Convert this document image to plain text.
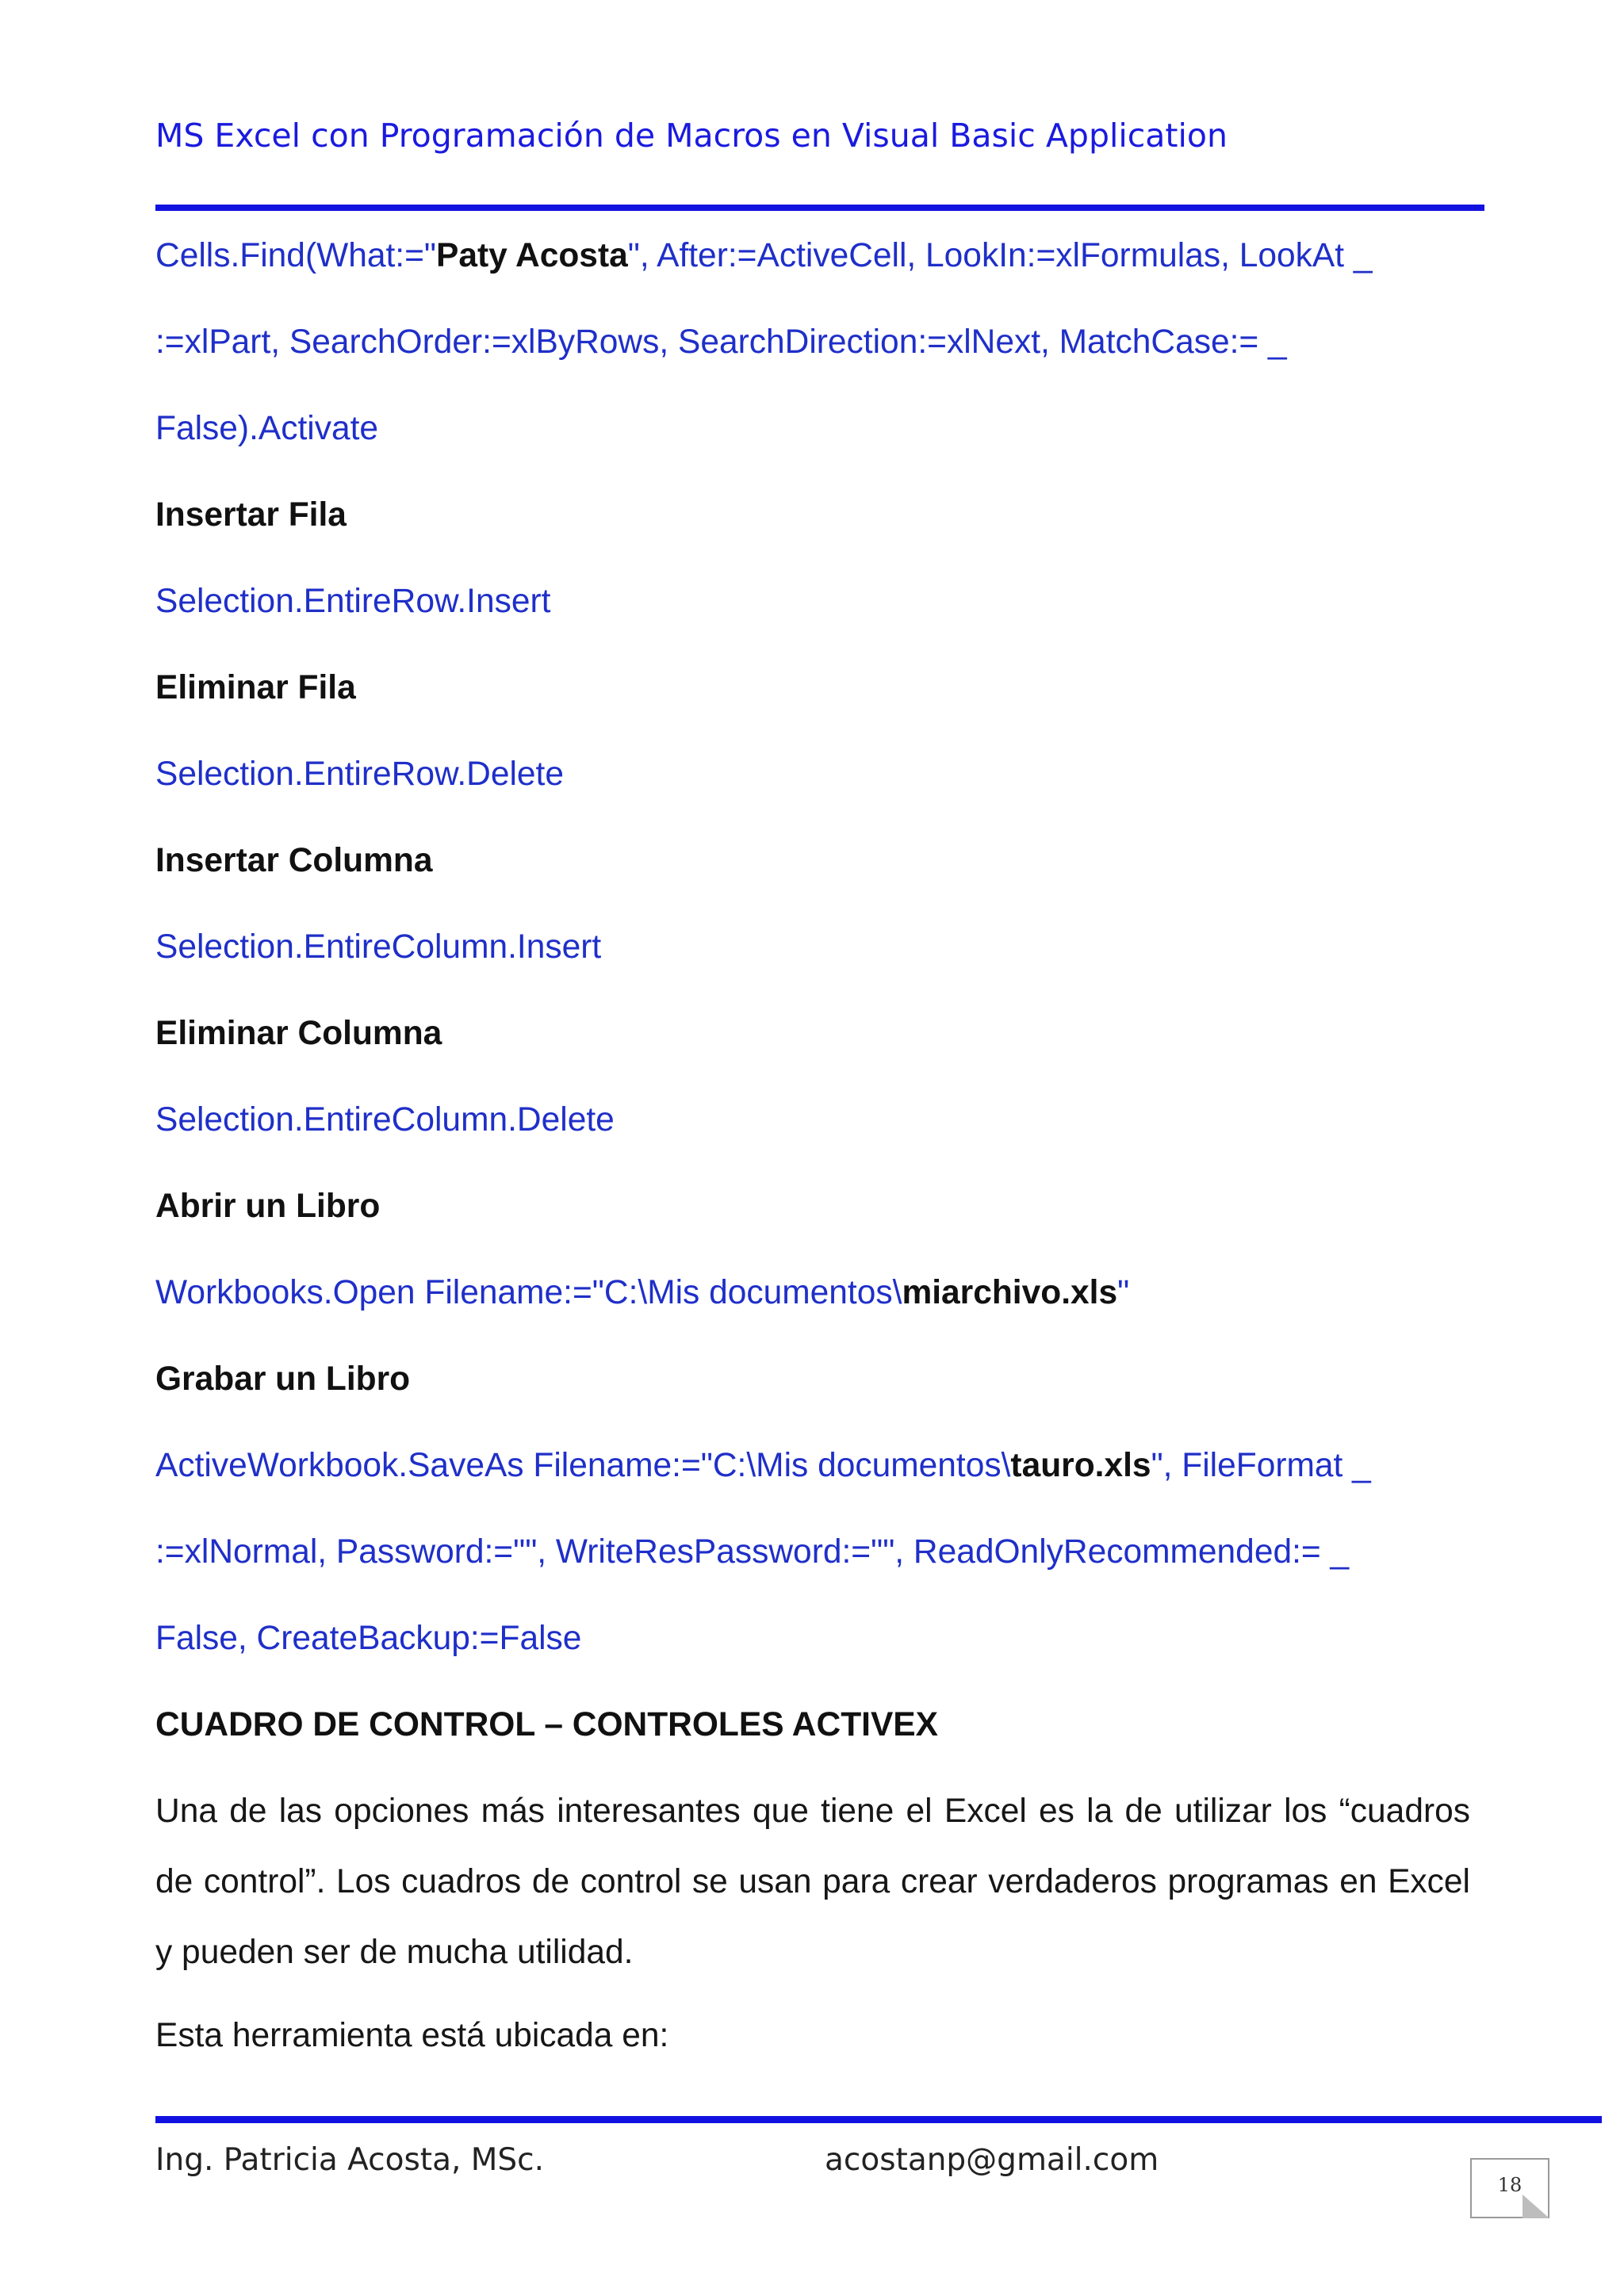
MS Excel con Programación de Macros en Visual Basic Application
Cells.Find(What:="Paty Acosta", After:=ActiveCell, LookIn:=xlFormulas, LookAt _
:=xlPart, SearchOrder:=xlByRows, SearchDirection:=xlNext, MatchCase:= _
False).Activate
Insertar Fila
Selection.EntireRow.Insert
Eliminar Fila
Selection.EntireRow.Delete
Insertar Columna
Selection.EntireColumn.Insert
Eliminar Columna
Selection.EntireColumn.Delete
Abrir un Libro
Workbooks.Open Filename:="C:\Mis documentos\miarchivo.xls"
Grabar un Libro
ActiveWorkbook.SaveAs Filename:="C:\Mis documentos\tauro.xls", FileFormat _
:=xlNormal, Password:="", WriteResPassword:="", ReadOnlyRecommended:= _
False, CreateBackup:=False
CUADRO DE CONTROL – CONTROLES ACTIVEX
Una de las opciones más interesantes que tiene el Excel es la de utilizar los “cuadros de control”. Los cuadros de control se usan para crear verdaderos programas en Excel y pueden ser de mucha utilidad.
Esta herramienta está ubicada en:
Ing. Patricia Acosta, MSc.	acostanp@gmail.com
18
